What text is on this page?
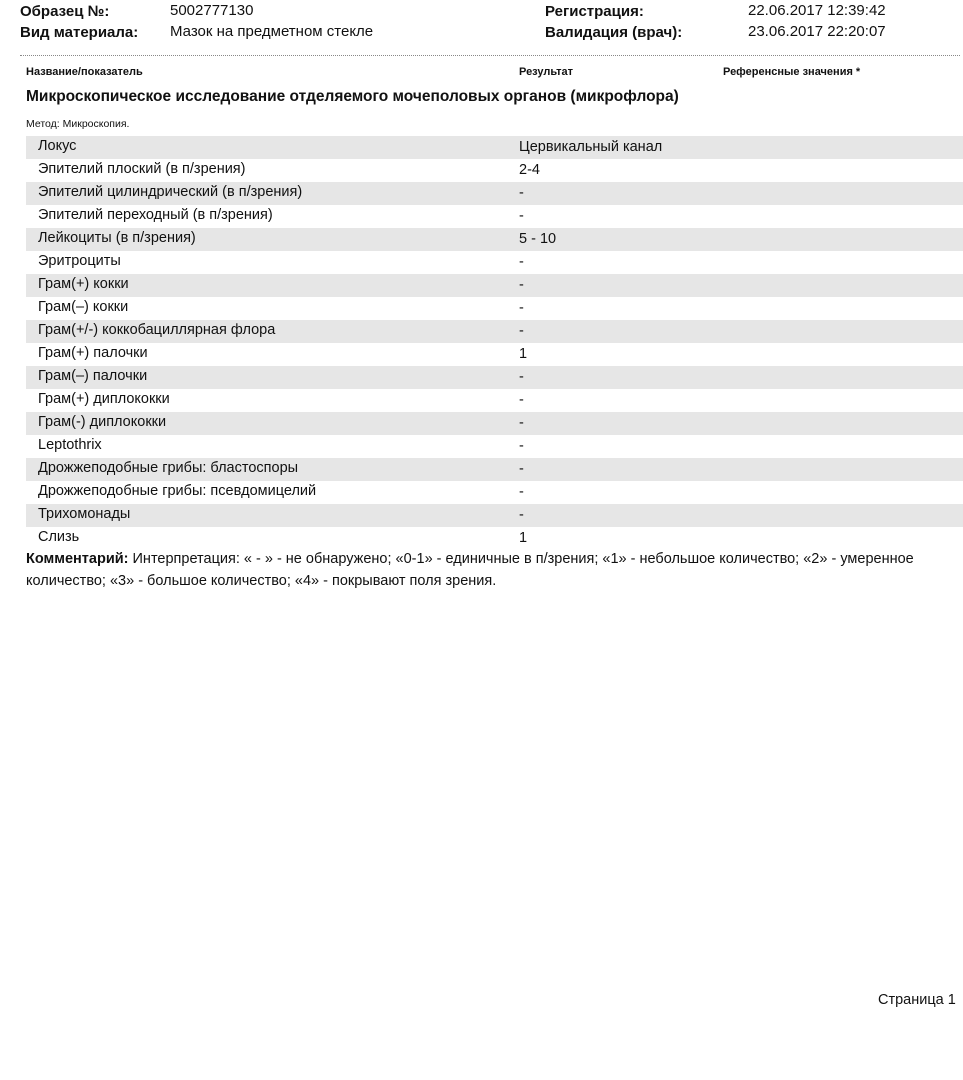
Образец №:	5002777130
Вид материала: Мазок на предметном стекле
Регистрация:	22.06.2017 12:39:42
Валидация (врач):	23.06.2017 22:20:07
Название/показатель	Результат	Референсные значения *
Микроскопическое исследование отделяемого мочеполовых органов (микрофлора)
Метод: Микроскопия.
Локус	Цервикальный канал
Эпителий плоский (в п/зрения)	2-4
Эпителий цилиндрический (в п/зрения)	-
Эпителий переходный (в п/зрения)	-
Лейкоциты (в п/зрения)	5 - 10
Эритроциты	-
Грам(+) кокки	-
Грам(–) кокки	-
Грам(+/-) коккобациллярная флора	-
Грам(+) палочки	1
Грам(–) палочки	-
Грам(+) диплококки	-
Грам(-) диплококки	-
Leptothrix	-
Дрожжеподобные грибы: бластоспоры	-
Дрожжеподобные грибы: псевдомицелий	-
Трихомонады	-
Слизь	1
Комментарий: Интерпретация: « - » - не обнаружено; «0-1» - единичные в п/зрения; «1» - небольшое количество; «2» - умеренное количество; «3» - большое количество; «4» - покрывают поля зрения.
Страница 1
